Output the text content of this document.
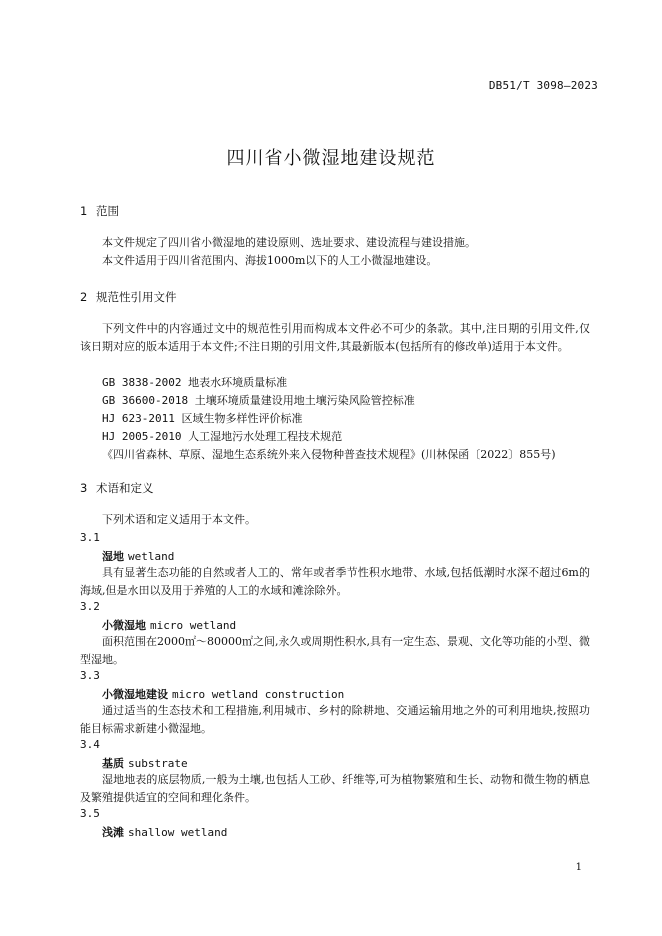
DB51/T 3098—2023
四川省小微湿地建设规范
1 范围
本文件规定了四川省小微湿地的建设原则、选址要求、建设流程与建设措施。
本文件适用于四川省范围内、海拔1000m以下的人工小微湿地建设。
2 规范性引用文件
下列文件中的内容通过文中的规范性引用而构成本文件必不可少的条款。其中,注日期的引用文件,仅该日期对应的版本适用于本文件;不注日期的引用文件,其最新版本(包括所有的修改单)适用于本文件。
GB 3838-2002 地表水环境质量标准
GB 36600-2018 土壤环境质量建设用地土壤污染风险管控标准
HJ 623-2011 区域生物多样性评价标准
HJ 2005-2010 人工湿地污水处理工程技术规范
《四川省森林、草原、湿地生态系统外来入侵物种普查技术规程》(川林保函〔2022〕855号)
3 术语和定义
下列术语和定义适用于本文件。
3.1
湿地 wetland
具有显著生态功能的自然或者人工的、常年或者季节性积水地带、水域,包括低潮时水深不超过6m的海域,但是水田以及用于养殖的人工的水域和滩涂除外。
3.2
小微湿地 micro wetland
面积范围在2000㎡～80000㎡之间,永久或周期性积水,具有一定生态、景观、文化等功能的小型、微型湿地。
3.3
小微湿地建设 micro wetland construction
通过适当的生态技术和工程措施,利用城市、乡村的除耕地、交通运输用地之外的可利用地块,按照功能目标需求新建小微湿地。
3.4
基质 substrate
湿地地表的底层物质,一般为土壤,也包括人工砂、纤维等,可为植物繁殖和生长、动物和微生物的栖息及繁殖提供适宜的空间和理化条件。
3.5
浅滩 shallow wetland
1
